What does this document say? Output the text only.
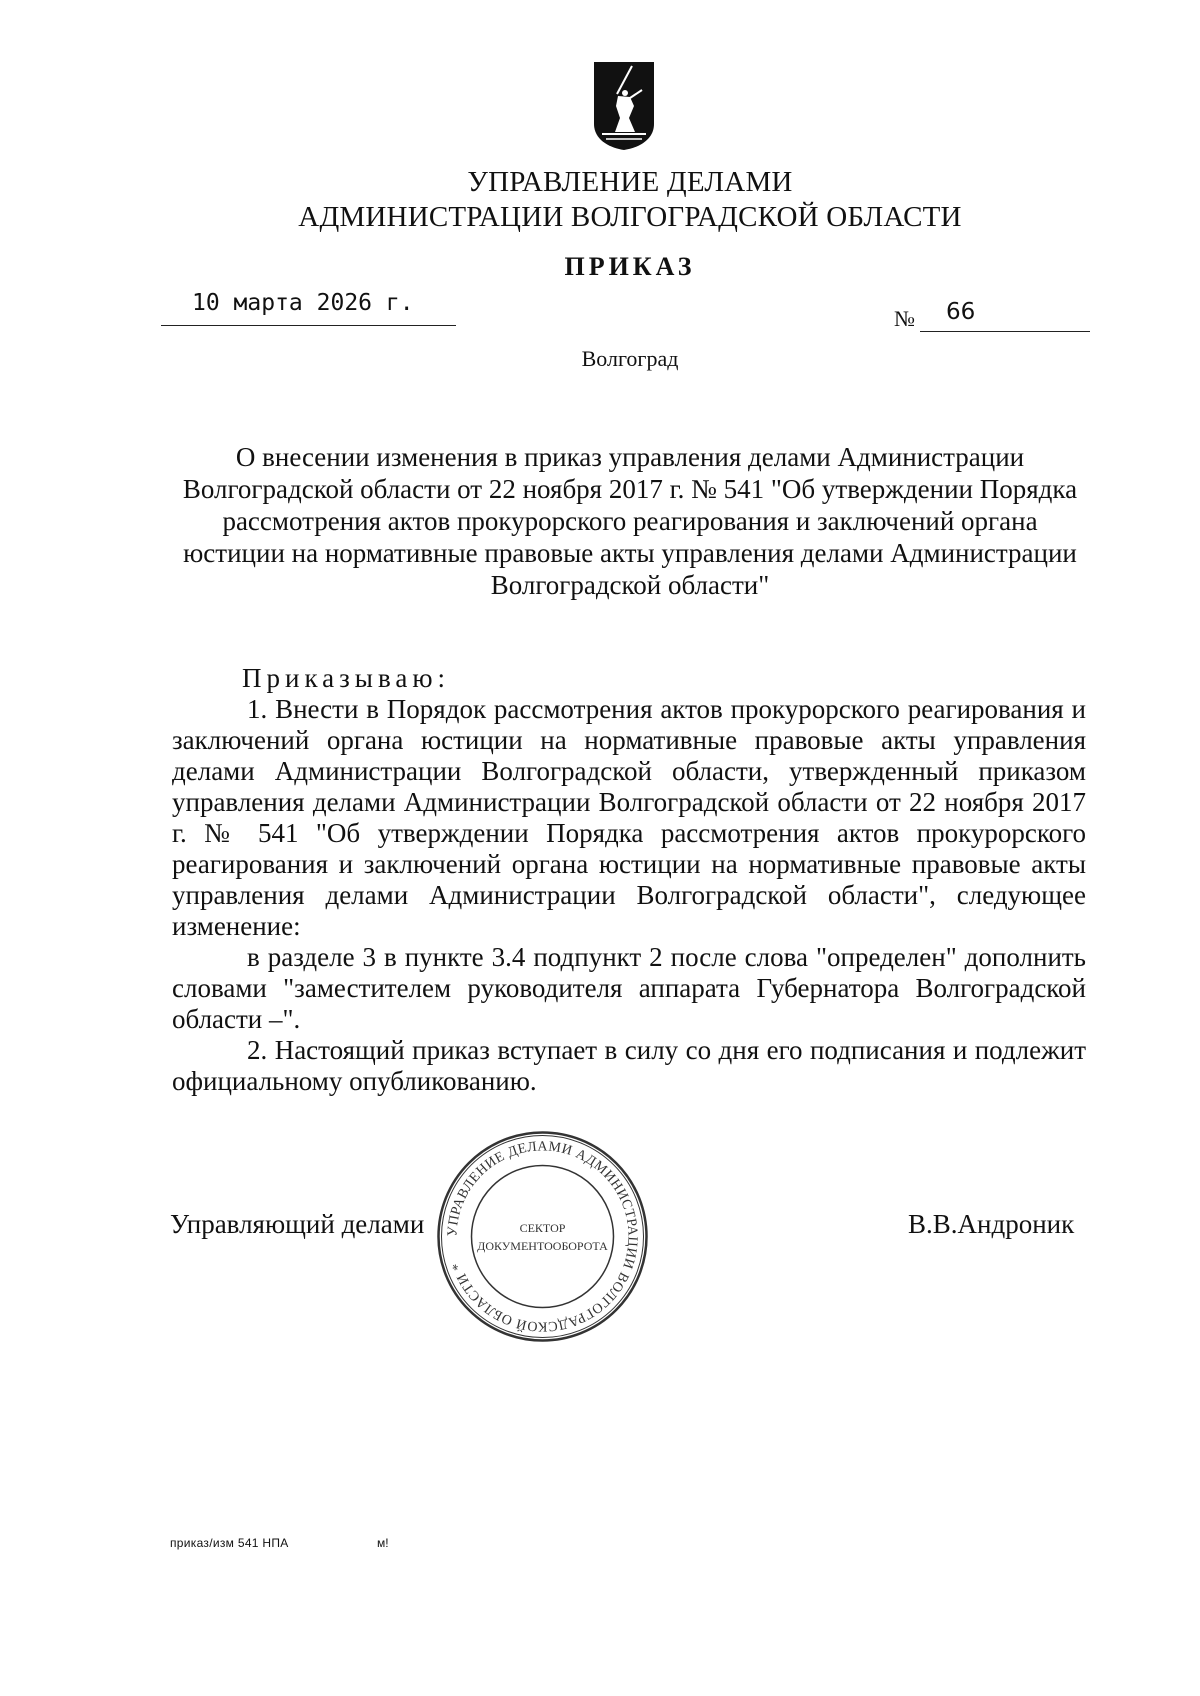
УПРАВЛЕНИЕ ДЕЛАМИ
АДМИНИСТРАЦИИ ВОЛГОГРАДСКОЙ ОБЛАСТИ
ПРИКАЗ
10 марта 2026 г.
№ 66
Волгоград
О внесении изменения в приказ управления делами Администрации Волгоградской области от 22 ноября 2017 г. № 541 "Об утверждении Порядка рассмотрения актов прокурорского реагирования и заключений органа юстиции на нормативные правовые акты управления делами Администрации Волгоградской области"

Приказываю:

1. Внести в Порядок рассмотрения актов прокурорского реагирования и заключений органа юстиции на нормативные правовые акты управления делами Администрации Волгоградской области, утвержденный приказом управления делами Администрации Волгоградской области от 22 ноября 2017 г. № 541 "Об утверждении Порядка рассмотрения актов прокурорского реагирования и заключений органа юстиции на нормативные правовые акты управления делами Администрации Волгоградской области", следующее изменение:

в разделе 3 в пункте 3.4 подпункт 2 после слова "определен" дополнить словами "заместителем руководителя аппарата Губернатора Волгоградской области –".

2. Настоящий приказ вступает в силу со дня его подписания и подлежит официальному опубликованию.

Управляющий делами	В.В.Андроник
УПРАВЛЕНИЕ ДЕЛАМИ АДМИНИСТРАЦИИ ВОЛГОГРАДСКОЙ ОБЛАСТИ *
СЕКТОР
ДОКУМЕНТООБОРОТА
приказ/изм 541 НПА	м!
